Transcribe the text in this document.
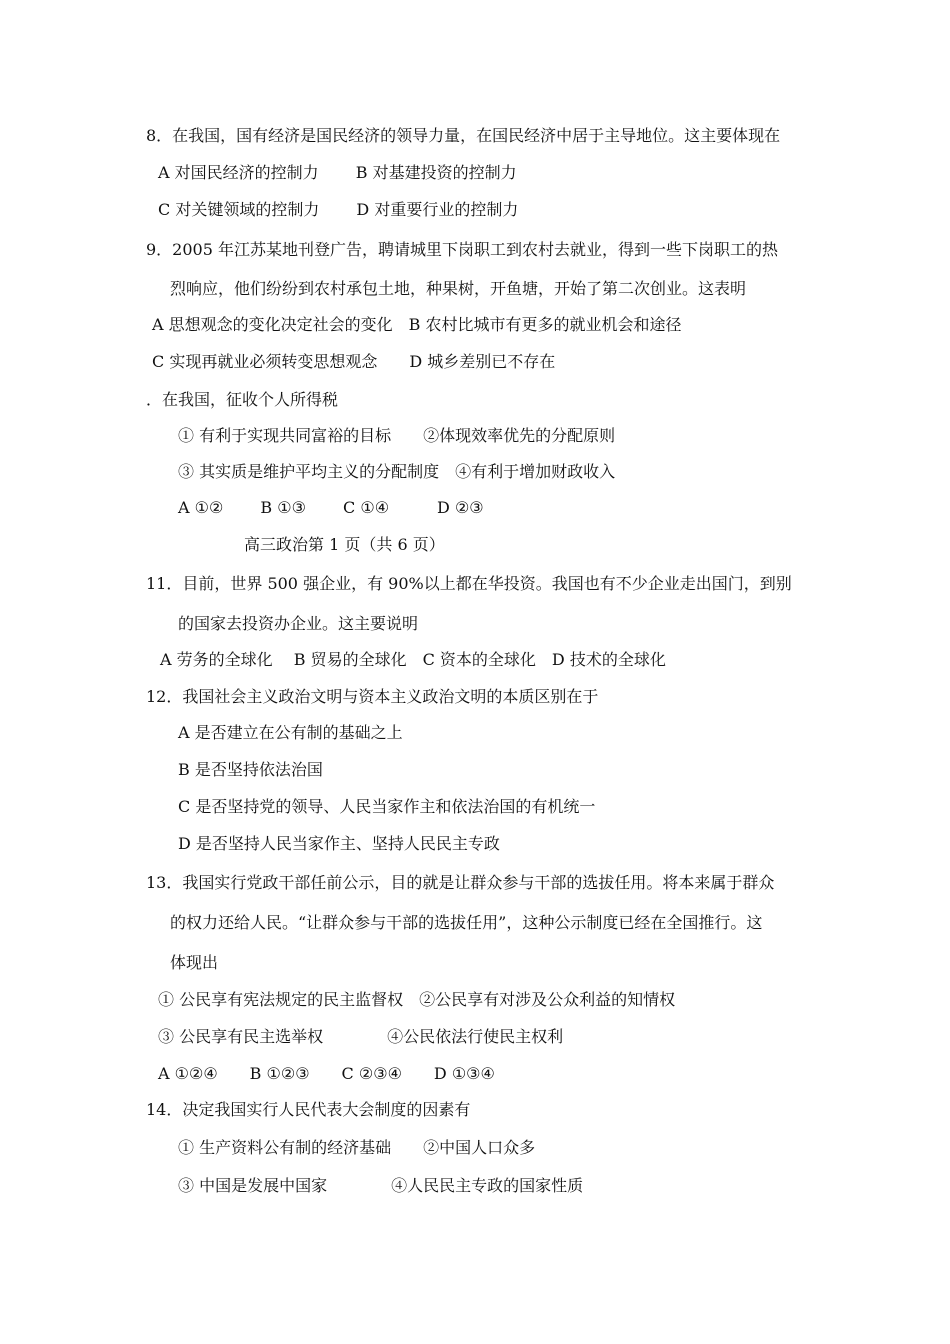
8．在我国，国有经济是国民经济的领导力量，在国民经济中居于主导地位。这主要体现在
A 对国民经济的控制力　　 B 对基建投资的控制力
C 对关键领域的控制力　　 D 对重要行业的控制力
9．2005 年江苏某地刊登广告，聘请城里下岗职工到农村去就业，得到一些下岗职工的热
烈响应，他们纷纷到农村承包土地，种果树，开鱼塘，开始了第二次创业。这表明
A 思想观念的变化决定社会的变化　B 农村比城市有更多的就业机会和途径
C 实现再就业必须转变思想观念　　D 城乡差别已不存在
．在我国，征收个人所得税
① 有利于实现共同富裕的目标　　②体现效率优先的分配原则
③ 其实质是维护平均主义的分配制度　④有利于增加财政收入
A ①②　　 B ①③　　 C ①④　　　D ②③
高三政治第 1 页（共 6 页）
11．目前，世界 500 强企业，有 90%以上都在华投资。我国也有不少企业走出国门，到别
的国家去投资办企业。这主要说明
A 劳务的全球化　 B 贸易的全球化　C 资本的全球化　D 技术的全球化
12．我国社会主义政治文明与资本主义政治文明的本质区别在于
A 是否建立在公有制的基础之上
B 是否坚持依法治国
C 是否坚持党的领导、人民当家作主和依法治国的有机统一
D 是否坚持人民当家作主、坚持人民民主专政
13．我国实行党政干部任前公示，目的就是让群众参与干部的选拔任用。将本来属于群众
的权力还给人民。“让群众参与干部的选拔任用”，这种公示制度已经在全国推行。这
体现出
① 公民享有宪法规定的民主监督权　②公民享有对涉及公众利益的知情权
③ 公民享有民主选举权　　　　④公民依法行使民主权利
A ①②④　　B ①②③　　C ②③④　　D ①③④
14．决定我国实行人民代表大会制度的因素有
① 生产资料公有制的经济基础　　②中国人口众多
③ 中国是发展中国家　　　　④人民民主专政的国家性质
